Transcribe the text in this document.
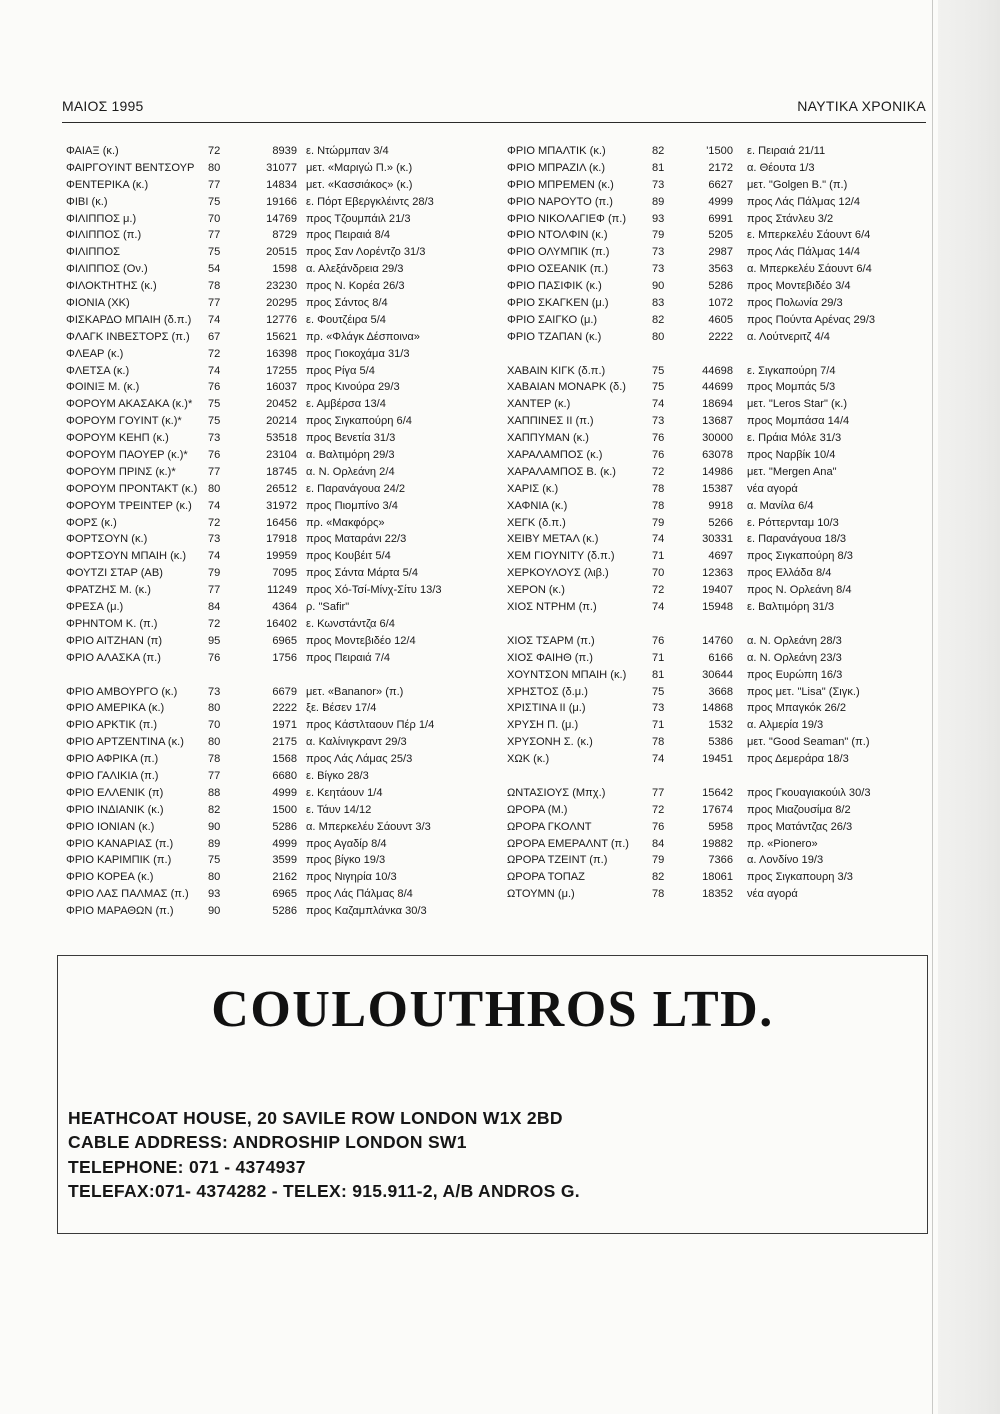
ΜΑΙΟΣ 1995	ΝΑΥΤΙΚΑ ΧΡΟΝΙΚΑ
ΦΑΙΑΞ (κ.)	72	8939 ε. Ντώρμπαν 3/4
ΦΑΙΡΓΟΥΙΝΤ ΒΕΝΤΣΟΥΡ 80	31077 μετ. «Μαριγώ Π.» (κ.)
ΦΕΝΤΕΡΙΚΑ (κ.)	77	14834 μετ. «Κασσιάκος» (κ.)
ΦΙΒΙ (κ.)	75	19166 ε. Πόρτ Εβεργκλέιντς 28/3
ΦΙΛΙΠΠΟΣ μ.)	70	14769 προς Τζουμπάιλ 21/3
ΦΙΛΙΠΠΟΣ (π.)	77	8729 προς Πειραιά 8/4
ΦΙΛΙΠΠΟΣ	75	20515 προς Σαν Λορέντζο 31/3
ΦΙΛΙΠΠΟΣ (Ον.)	54	1598 α. Αλεξάνδρεια 29/3
ΦΙΛΟΚΤΗΤΗΣ (κ.)	78	23230 προς Ν. Κορέα 26/3
ΦΙΟΝΙΑ (ΧΚ)	77	20295 προς Σάντος 8/4
ΦΙΣΚΑΡΔΟ ΜΠΑΙΗ (δ.π.) 74	12776 ε. Φουτζέιρα 5/4
ΦΛΑΓΚ ΙΝΒΕΣΤΟΡΣ (π.) 67	15621 πρ. «Φλάγκ Δέσποινα»
ΦΛΕΑΡ (κ.)	72	16398 προς Γιοκοχάμα 31/3
ΦΛΕΤΣΑ (κ.)	74	17255 προς Ρίγα 5/4
ΦΟΙΝΙΞ Μ. (κ.)	76	16037 προς Κινούρα 29/3
ΦΟΡΟΥΜ ΑΚΑΣΑΚΑ (κ.)* 75	20452 ε. Αμβέρσα 13/4
ΦΟΡΟΥΜ ΓΟΥΙΝΤ (κ.)* 75	20214 προς Σιγκαπούρη 6/4
ΦΟΡΟΥΜ ΚΕΗΠ (κ.)	73	53518 προς Βενετία 31/3
ΦΟΡΟΥΜ ΠΑΟΥΕΡ (κ.)* 76	23104 α. Βαλτιμόρη 29/3
ΦΟΡΟΥΜ ΠΡΙΝΣ (κ.)*	77	18745 α. Ν. Ορλεάνη 2/4
ΦΟΡΟΥΜ ΠΡΟΝΤΑΚΤ (κ.) 80	26512 ε. Παρανάγουα 24/2
ΦΟΡΟΥΜ ΤΡΕΙΝΤΕΡ (κ.) 74	31972 προς Πιομπίνο 3/4
ΦΟΡΣ (κ.)	72	16456 πρ. «Μακφόρς»
ΦΟΡΤΣΟΥΝ (κ.)	73	17918 προς Ματαράνι 22/3
ΦΟΡΤΣΟΥΝ ΜΠΑΙΗ (κ.) 74	19959 προς Κουβέιτ 5/4
ΦΟΥΤΖΙ ΣΤΑΡ (ΑΒ)	79	7095 προς Σάντα Μάρτα 5/4
ΦΡΑΤΖΗΣ Μ. (κ.)	77	11249 προς Χό-Τσί-Μίνχ-Σίτυ 13/3
ΦΡΕΣΑ (μ.)	84	4364 ρ. "Safir"
ΦΡΗΝΤΟΜ Κ. (π.)	72	16402 ε. Κωνστάντζα 6/4
ΦΡΙΟ ΑΙΤΖΗΑΝ (π)	95	6965 προς Μοντεβιδέο 12/4
ΦΡΙΟ ΑΛΑΣΚΑ (π.)	76	1756 προς Πειραιά 7/4
ΦΡΙΟ ΑΜΒΟΥΡΓΟ (κ.)	73	6679 μετ. «Bananor» (π.)
ΦΡΙΟ ΑΜΕΡΙΚΑ (κ.)	80	2222 ξε. Βέσεν 17/4
ΦΡΙΟ ΑΡΚΤΙΚ (π.)	70	1971 προς Κάστλταουν Πέρ 1/4
ΦΡΙΟ ΑΡΤΖΕΝΤΙΝΑ (κ.) 80	2175 α. Καλίνιγκραντ 29/3
ΦΡΙΟ ΑΦΡΙΚΑ (π.)	78	1568 προς Λάς Λάμας 25/3
ΦΡΙΟ ΓΑΛΙΚΙΑ (π.)	77	6680 ε. Βίγκο 28/3
ΦΡΙΟ ΕΛΛΕΝΙΚ (π)	88	4999 ε. Κεητάουν 1/4
ΦΡΙΟ ΙΝΔΙΑΝΙΚ (κ.)	82	1500 ε. Τάυν 14/12
ΦΡΙΟ ΙΟΝΙΑΝ (κ.)	90	5286 α. Μπερκελέυ Σάουντ 3/3
ΦΡΙΟ ΚΑΝΑΡΙΑΣ (π.)	89	4999 προς Αγαδίρ 8/4
ΦΡΙΟ ΚΑΡΙΜΠΙΚ (π.)	75	3599 προς βίγκο 19/3
ΦΡΙΟ ΚΟΡΕΑ (κ.)	80	2162 προς Νιγηρία 10/3
ΦΡΙΟ ΛΑΣ ΠΑΛΜΑΣ (π.) 93	6965 προς Λάς Πάλμας 8/4
ΦΡΙΟ ΜΑΡΑΘΩΝ (π.)	90	5286 προς Καζαμπλάνκα 30/3
ΦΡΙΟ ΜΠΑΛΤΙΚ (κ.)	82	'1500 ε. Πειραιά 21/11
ΦΡΙΟ ΜΠΡΑΖΙΛ (κ.)	81	2172 α. Θέουτα 1/3
ΦΡΙΟ ΜΠΡΕΜΕΝ (κ.)	73	6627 μετ. "Golgen B." (π.)
ΦΡΙΟ ΝΑΡΟΥΤΟ (π.)	89	4999 προς Λάς Πάλμας 12/4
ΦΡΙΟ ΝΙΚΟΛΑΓΙΕΦ (π.) 93	6991 προς Στάνλευ 3/2
ΦΡΙΟ ΝΤΟΛΦΙΝ (κ.)	79	5205 ε. Μπερκελέυ Σάουντ 6/4
ΦΡΙΟ ΟΛΥΜΠΙΚ (π.)	73	2987 προς Λάς Πάλμας 14/4
ΦΡΙΟ ΟΣΕΑΝΙΚ (π.)	73	3563 α. Μπερκελέυ Σάουντ 6/4
ΦΡΙΟ ΠΑΣΙΦΙΚ (κ.)	90	5286 προς Μοντεβιδέο 3/4
ΦΡΙΟ ΣΚΑΓΚΕΝ (μ.)	83	1072 προς Πολωνία 29/3
ΦΡΙΟ ΣΑΙΓΚΟ (μ.)	82	4605 προς Πούντα Αρένας 29/3
ΦΡΙΟ ΤΖΑΠΑΝ (κ.)	80	2222 α. Λούτνεριτζ 4/4
ΧΑΒΑΙΝ ΚΙΓΚ (δ.π.)	75	44698 ε. Σιγκαπούρη 7/4
ΧΑΒΑΙΑΝ ΜΟΝΑΡΚ (δ.) 75	44699 προς Μομπάς 5/3
ΧΑΝΤΕΡ (κ.)	74	18694 μετ. "Leros Star" (κ.)
ΧΑΠΠΙΝΕΣ ΙΙ (π.)	73	13687 προς Μομπάσα 14/4
ΧΑΠΠΥΜΑΝ (κ.)	76	30000 ε. Πράια Μόλε 31/3
ΧΑΡΑΛΑΜΠΟΣ (κ.)	76	63078 προς Ναρβίκ 10/4
ΧΑΡΑΛΑΜΠΟΣ Β. (κ.)	72	14986 μετ. "Mergen Ana"
ΧΑΡΙΣ (κ.)	78	15387 νέα αγορά
ΧΑΦΝΙΑ (κ.)	78	9918 α. Μανίλα 6/4
ΧΕΓΚ (δ.π.)	79	5266 ε. Ρόττερνταμ 10/3
ΧΕΙΒΥ ΜΕΤΑΛ (κ.)	74	30331 ε. Παρανάγουα 18/3
ΧΕΜ ΓΙΟΥΝΙΤΥ (δ.π.)	71	4697 προς Σιγκαπούρη 8/3
ΧΕΡΚΟΥΛΟΥΣ (λιβ.)	70	12363 προς Ελλάδα 8/4
ΧΕΡΟΝ (κ.)	72	19407 προς Ν. Ορλεάνη 8/4
ΧΙΟΣ ΝΤΡΗΜ (π.)	74	15948 ε. Βαλτιμόρη 31/3
ΧΙΟΣ ΤΣΑΡΜ (π.)	76	14760 α. Ν. Ορλεάνη 28/3
ΧΙΟΣ ΦΑΙΗΘ (π.)	71	6166 α. Ν. Ορλεάνη 23/3
ΧΟΥΝΤΣΟΝ ΜΠΑΙΗ (κ.) 81	30644 προς Ευρώπη 16/3
ΧΡΗΣΤΟΣ (δ.μ.)	75	3668 προς μετ. "Lisa" (Σιγκ.)
ΧΡΙΣΤΙΝΑ ΙΙ (μ.)	73	14868 προς Μπαγκόκ 26/2
ΧΡΥΣΗ Π. (μ.)	71	1532 α. Αλμερία 19/3
ΧΡΥΣΟΝΗ Σ. (κ.)	78	5386 μετ. "Good Seaman" (π.)
ΧΩΚ (κ.)	74	19451 προς Δεμεράρα 18/3
ΩΝΤΑΣΙΟΥΣ (Μπχ.)	77	15642 προς Γκουαγιακούιλ 30/3
ΩΡΟΡΑ (Μ.)	72	17674 προς Μιαζουσίμα 8/2
ΩΡΟΡΑ ΓΚΟΛΝΤ	76	5958 προς Ματάντζας 26/3
ΩΡΟΡΑ ΕΜΕΡΑΛΝΤ (π.) 84	19882 πρ. «Pionero»
ΩΡΟΡΑ ΤΖΕΙΝΤ (π.)	79	7366 α. Λονδίνο 19/3
ΩΡΟΡΑ ΤΟΠΑΖ	82	18061 προς Σιγκαπουρη 3/3
ΩΤΟΥΜΝ (μ.)	78	18352 νέα αγορά
COULOUTHROS LTD.
HEATHCOAT HOUSE, 20 SAVILE ROW LONDON W1X 2BD
CABLE ADDRESS: ANDROSHIP LONDON SW1
TELEPHONE: 071 - 4374937
TELEFAX:071- 4374282 - TELEX: 915.911-2, A/B ANDROS G.
